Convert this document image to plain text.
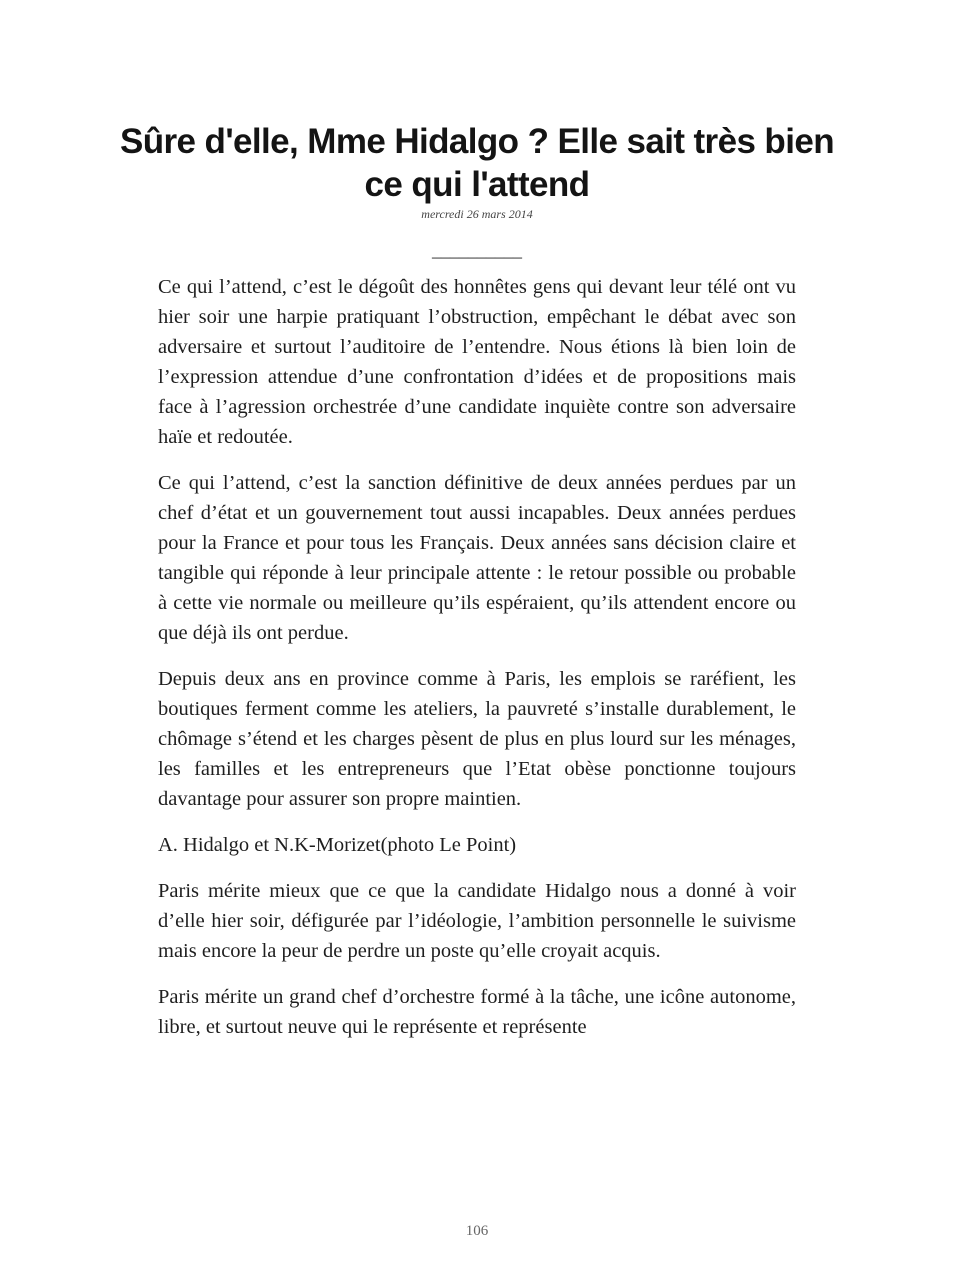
Sûre d'elle, Mme Hidalgo ? Elle sait très bien ce qui l'attend
mercredi 26 mars 2014
__________

Ce qui l’attend, c’est le dégoût des honnêtes gens qui devant leur télé ont vu hier soir une harpie pratiquant l’obstruction, empêchant le débat avec son adversaire et surtout l’auditoire de l’entendre. Nous étions là bien loin de l’expression attendue d’une confrontation d’idées et de propositions mais face à l’agression orchestrée d’une candidate inquiète contre son adversaire haïe et redoutée.

Ce qui l’attend, c’est la sanction définitive de deux années perdues par un chef d’état et un gouvernement tout aussi incapables. Deux années perdues pour la France et pour tous les Français. Deux années sans décision claire et tangible qui réponde à leur principale attente : le retour possible ou probable à cette vie normale ou meilleure qu’ils espéraient, qu’ils attendent encore ou que déjà ils ont perdue.

Depuis deux ans en province comme à Paris, les emplois se raréfient, les boutiques ferment comme les ateliers, la pauvreté s’installe durablement, le chômage s’étend et les charges pèsent de plus en plus lourd sur les ménages, les familles et les entrepreneurs que l’Etat obèse ponctionne toujours davantage pour assurer son propre maintien.

A. Hidalgo et N.K-Morizet(photo Le Point)

Paris mérite mieux que ce que la candidate Hidalgo nous a donné à voir d’elle hier soir, défigurée par l’idéologie, l’ambition personnelle le suivisme mais encore la peur de perdre un poste qu’elle croyait acquis.

Paris mérite un grand chef d’orchestre formé à la tâche, une icône autonome, libre, et surtout neuve qui le représente et représente

106
